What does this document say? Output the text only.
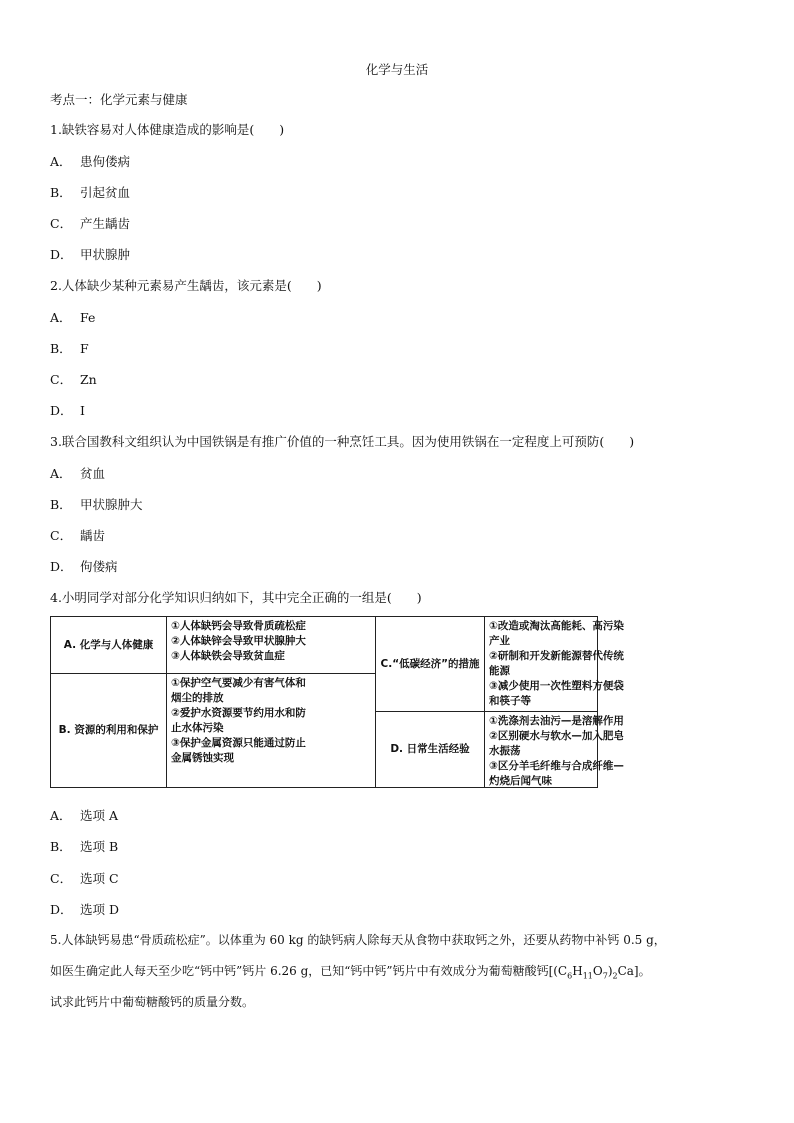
化学与生活
考点一：化学元素与健康
1.缺铁容易对人体健康造成的影响是(　　)
A． 患佝偻病
B． 引起贫血
C． 产生龋齿
D． 甲状腺肿
2.人体缺少某种元素易产生龋齿，该元素是(　　)
A． Fe
B． F
C． Zn
D． I
3.联合国教科文组织认为中国铁锅是有推广价值的一种烹饪工具。因为使用铁锅在一定程度上可预防(　　)
A． 贫血
B． 甲状腺肿大
C． 龋齿
D． 佝偻病
4.小明同学对部分化学知识归纳如下，其中完全正确的一组是(　　)
A. 化学与人体健康
①人体缺钙会导致骨质疏松症
②人体缺锌会导致甲状腺肿大
③人体缺铁会导致贫血症
B. 资源的利用和保护
①保护空气要减少有害气体和
烟尘的排放
②爱护水资源要节约用水和防
止水体污染
③保护金属资源只能通过防止
金属锈蚀实现
C.“低碳经济”的措施
①改造或淘汰高能耗、高污染
产业
②研制和开发新能源替代传统
能源
③减少使用一次性塑料方便袋
和筷子等
D. 日常生活经验
①洗涤剂去油污—是溶解作用
②区别硬水与软水—加入肥皂
水振荡
③区分羊毛纤维与合成纤维—
灼烧后闻气味
A． 选项 A
B． 选项 B
C． 选项 C
D． 选项 D
5.人体缺钙易患“骨质疏松症”。以体重为 60 kg 的缺钙病人除每天从食物中获取钙之外，还要从药物中补钙 0.5 g，
如医生确定此人每天至少吃“钙中钙”钙片 6.26 g，已知“钙中钙”钙片中有效成分为葡萄糖酸钙$[(C_6H_{11}O_7)_2Ca]$。
试求此钙片中葡萄糖酸钙的质量分数。
